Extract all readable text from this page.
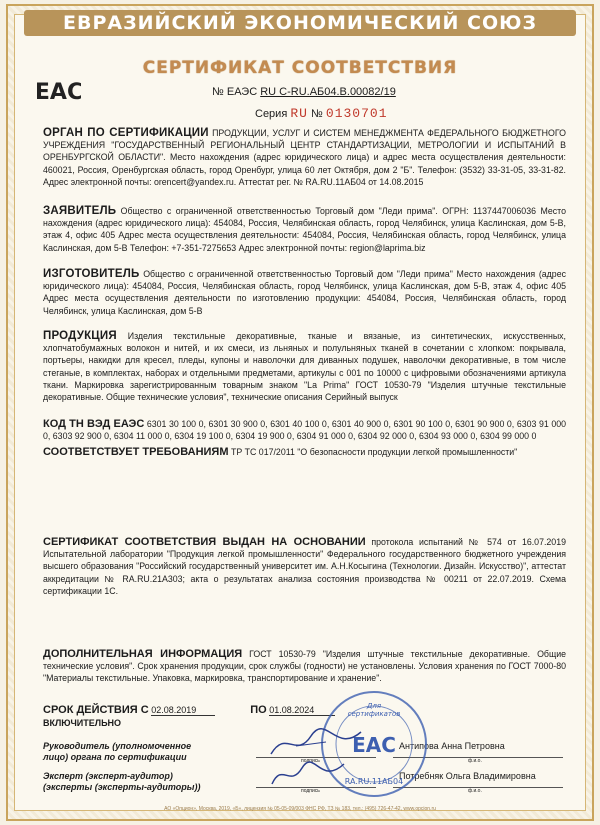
ЕВРАЗИЙСКИЙ ЭКОНОМИЧЕСКИЙ СОЮЗ
СЕРТИФИКАТ СООТВЕТСТВИЯ
ЕАС	№ ЕАЭС RU С-RU.АБ04.В.00082/19
Серия RU № 0130701
ОРГАН ПО СЕРТИФИКАЦИИ ПРОДУКЦИИ, УСЛУГ И СИСТЕМ МЕНЕДЖМЕНТА ФЕДЕРАЛЬНОГО БЮДЖЕТНОГО УЧРЕЖДЕНИЯ "ГОСУДАРСТВЕННЫЙ РЕГИОНАЛЬНЫЙ ЦЕНТР СТАНДАРТИЗАЦИИ, МЕТРОЛОГИИ И ИСПЫТАНИЙ В ОРЕНБУРГСКОЙ ОБЛАСТИ". Место нахождения (адрес юридического лица) и адрес места осуществления деятельности: 460021, Россия, Оренбургская область, город Оренбург, улица 60 лет Октября, дом 2 "Б". Телефон: (3532) 33-31-05, 33-31-82. Адрес электронной почты: orencert@yandex.ru. Аттестат рег. № RA.RU.11АБ04 от 14.08.2015
ЗАЯВИТЕЛЬ Общество с ограниченной ответственностью Торговый дом "Леди прима". ОГРН: 1137447006036 Место нахождения (адрес юридического лица): 454084, Россия, Челябинская область, город Челябинск, улица Каслинская, дом 5-В, этаж 4, офис 405 Адрес места осуществления деятельности: 454084, Россия, Челябинская область, город Челябинск, улица Каслинская, дом 5-В Телефон: +7-351-7275653 Адрес электронной почты: region@laprima.biz
ИЗГОТОВИТЕЛЬ Общество с ограниченной ответственностью Торговый дом "Леди прима" Место нахождения (адрес юридического лица): 454084, Россия, Челябинская область, город Челябинск, улица Каслинская, дом 5-В, этаж 4, офис 405 Адрес места осуществления деятельности по изготовлению продукции: 454084, Россия, Челябинская область, город Челябинск, улица Каслинская, дом 5-В
ПРОДУКЦИЯ Изделия текстильные декоративные, тканые и вязаные, из синтетических, искусственных, хлопчатобумажных волокон и нитей, и их смеси, из льняных и полульняных тканей в сочетании с хлопком: покрывала, портьеры, накидки для кресел, пледы, купоны и наволочки для диванных подушек, наволочки декоративные, в том числе стеганые, в комплектах, наборах и отдельными предметами, артикулы с 001 по 10000 с цифровыми обозначениями артикула ткани. Маркировка зарегистрированным товарным знаком "La Prima" ГОСТ 10530-79 "Изделия штучные текстильные декоративные. Общие технические условия", технические описания Серийный выпуск
КОД ТН ВЭД ЕАЭС 6301 30 100 0, 6301 30 900 0, 6301 40 100 0, 6301 40 900 0, 6301 90 100 0, 6301 90 900 0, 6303 91 000 0, 6303 92 900 0, 6304 11 000 0, 6304 19 100 0, 6304 19 900 0, 6304 91 000 0, 6304 92 000 0, 6304 93 000 0, 6304 99 000 0
СООТВЕТСТВУЕТ ТРЕБОВАНИЯМ ТР ТС 017/2011 "О безопасности продукции легкой промышленности"
СЕРТИФИКАТ СООТВЕТСТВИЯ ВЫДАН НА ОСНОВАНИИ протокола испытаний № 574 от 16.07.2019 Испытательной лаборатории "Продукция легкой промышленности" Федерального государственного бюджетного учреждения высшего образования "Российский государственный университет им. А.Н.Косыгина (Технологии. Дизайн. Искусство)", аттестат аккредитации № RA.RU.21А303; акта о результатах анализа состояния производства № 00211 от 22.07.2019. Схема сертификации 1С.
ДОПОЛНИТЕЛЬНАЯ ИНФОРМАЦИЯ ГОСТ 10530-79 "Изделия штучные текстильные декоративные. Общие технические условия". Срок хранения продукции, срок службы (годности) не установлены. Условия хранения по ГОСТ 7000-80 "Материалы текстильные. Упаковка, маркировка, транспортирование и хранение".
СРОК ДЕЙСТВИЯ С 02.08.2019	ПО 01.08.2024
ВКЛЮЧИТЕЛЬНО
Руководитель (уполномоченное
лицо) органа по сертификации	подпись
Антипова Анна Петровна
ф.и.о.
Эксперт (эксперт-аудитор)
(эксперты (эксперты-аудиторы))	подпись
Потребняк Ольга Владимировна
ф.и.о.
Для
сертификатов
EAC
RA.RU.11АБ04
АО «Опцион», Москва, 2019, «Б», лицензия № 05-05-09/003 ФНС РФ, ТЗ № 183, тел.: (495) 726-47-42, www.opcion.ru
